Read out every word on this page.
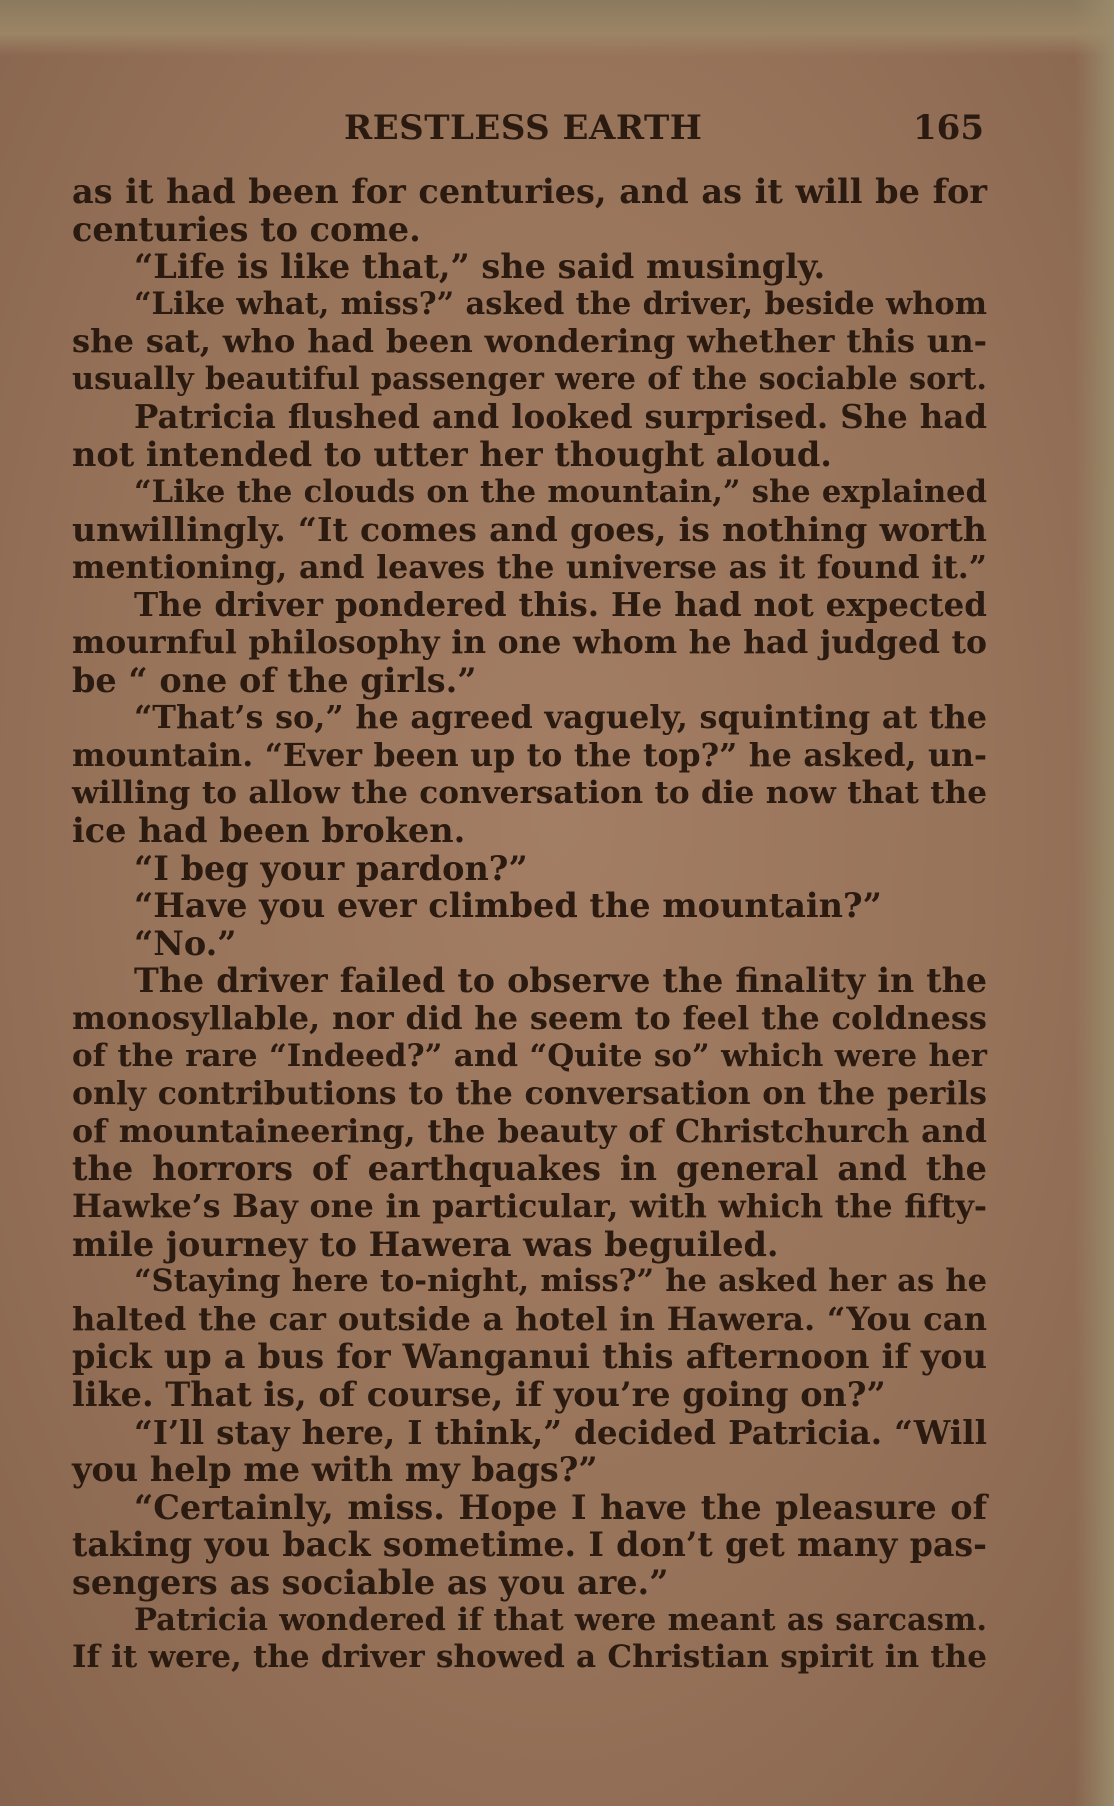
RESTLESS EARTH	165
as it had been for centuries, and as it will be for
centuries to come.
“Life is like that,” she said musingly.
“Like what, miss?” asked the driver, beside whom
she sat, who had been wondering whether this un-
usually beautiful passenger were of the sociable sort.
Patricia flushed and looked surprised. She had
not intended to utter her thought aloud.
“Like the clouds on the mountain,” she explained
unwillingly. “It comes and goes, is nothing worth
mentioning, and leaves the universe as it found it.”
The driver pondered this. He had not expected
mournful philosophy in one whom he had judged to
be “ one of the girls.”
“That’s so,” he agreed vaguely, squinting at the
mountain. “Ever been up to the top?” he asked, un-
willing to allow the conversation to die now that the
ice had been broken.
“I beg your pardon?”
“Have you ever climbed the mountain?”
“No.”
The driver failed to observe the finality in the
monosyllable, nor did he seem to feel the coldness
of the rare “Indeed?” and “Quite so” which were her
only contributions to the conversation on the perils
of mountaineering, the beauty of Christchurch and
the horrors of earthquakes in general and the
Hawke’s Bay one in particular, with which the fifty-
mile journey to Hawera was beguiled.
“Staying here to-night, miss?” he asked her as he
halted the car outside a hotel in Hawera. “You can
pick up a bus for Wanganui this afternoon if you
like. That is, of course, if you’re going on?”
“I’ll stay here, I think,” decided Patricia. “Will
you help me with my bags?”
“Certainly, miss. Hope I have the pleasure of
taking you back sometime. I don’t get many pas-
sengers as sociable as you are.”
Patricia wondered if that were meant as sarcasm.
If it were, the driver showed a Christian spirit in the
